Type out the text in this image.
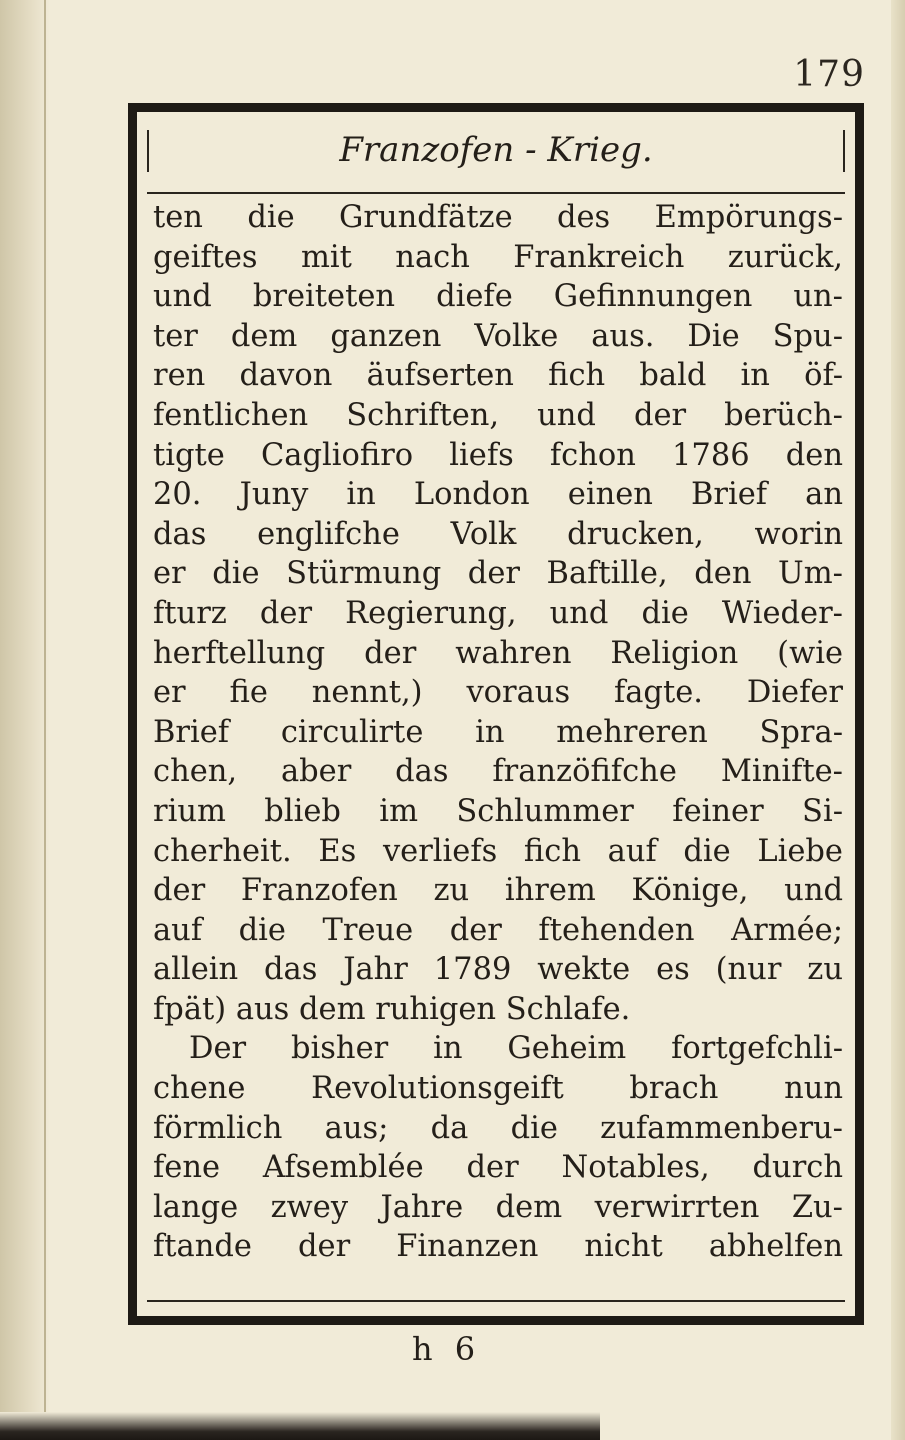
179
Franzofen - Krieg.
ten die Grundfätze des Empörungs-
geiftes mit nach Frankreich zurück,
und breiteten diefe Gefinnungen un-
ter dem ganzen Volke aus. Die Spu-
ren davon äufserten fich bald in öf-
fentlichen Schriften, und der berüch-
tigte Cagliofiro liefs fchon 1786 den
20. Juny in London einen Brief an
das englifche Volk drucken, worin
er die Stürmung der Baftille, den Um-
fturz der Regierung, und die Wieder-
herftellung der wahren Religion (wie
er fie nennt,) voraus fagte. Diefer
Brief circulirte in mehreren Spra-
chen, aber das franzöfifche Minifte-
rium blieb im Schlummer feiner Si-
cherheit. Es verliefs fich auf die Liebe
der Franzofen zu ihrem Könige, und
auf die Treue der ftehenden Armée;
allein das Jahr 1789 wekte es (nur zu
fpät) aus dem ruhigen Schlafe.
Der bisher in Geheim fortgefchli-
chene Revolutionsgeift brach nun
förmlich aus; da die zufammenberu-
fene Afsemblée der Notables, durch
lange zwey Jahre dem verwirrten Zu-
ftande der Finanzen nicht abhelfen
h 6
